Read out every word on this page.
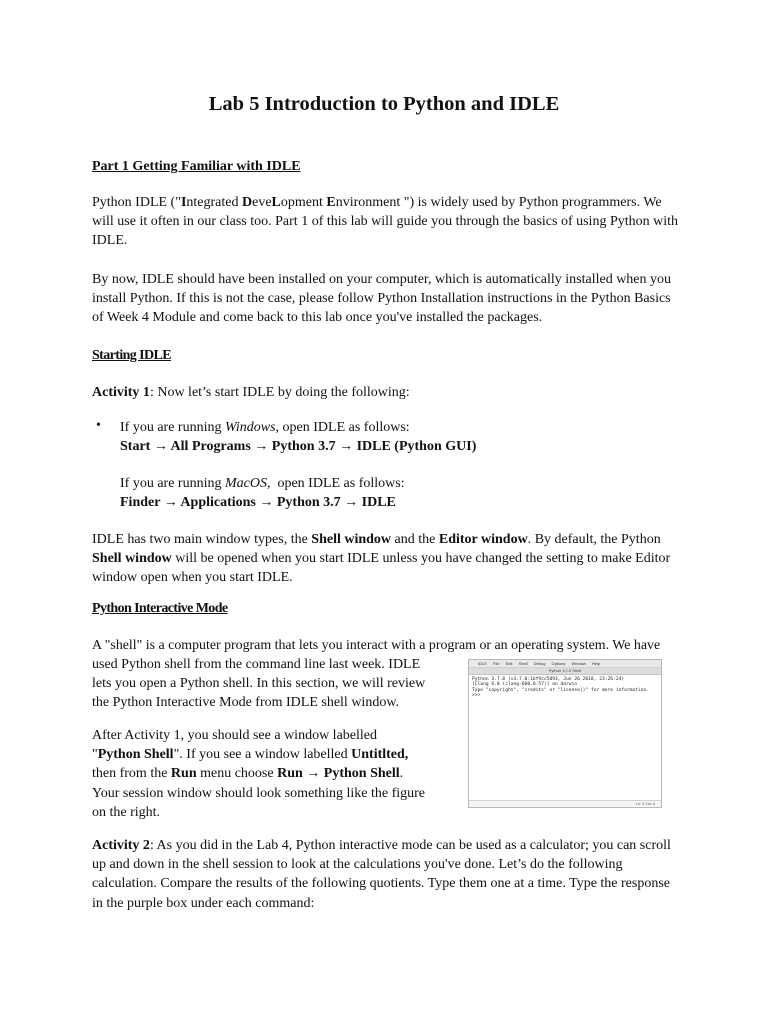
Lab 5 Introduction to Python and IDLE
Part 1 Getting Familiar with IDLE
Python IDLE ("Integrated DeveLopment Environment ") is widely used by Python programmers. We will use it often in our class too. Part 1 of this lab will guide you through the basics of using Python with IDLE.
By now, IDLE should have been installed on your computer, which is automatically installed when you install Python. If this is not the case, please follow Python Installation instructions in the Python Basics of Week 4 Module and come back to this lab once you've installed the packages.
Starting IDLE
Activity 1: Now let’s start IDLE by doing the following:
• If you are running Windows, open IDLE as follows:
Start → All Programs → Python 3.7 → IDLE (Python GUI)
If you are running MacOS,  open IDLE as follows:
Finder → Applications → Python 3.7 → IDLE
IDLE has two main window types, the Shell window and the Editor window. By default, the Python Shell window will be opened when you start IDLE unless you have changed the setting to make Editor window open when you start IDLE.
Python Interactive Mode
A "shell" is a computer program that lets you interact with a program or an operating system. We have
used Python shell from the command line last week. IDLE lets you open a Python shell. In this section, we will review the Python Interactive Mode from IDLE shell window.
After Activity 1, you should see a window labelled "Python Shell". If you see a window labelled Untitlted, then from the Run menu choose Run → Python Shell. Your session window should look something like the figure on the right.
IDLE File Edit Shell Debug Options Window Help
Python 3.7.0 Shell
Python 3.7.0 (v3.7.0:1bf9cc5093, Jun 26 2018, 23:26:24)
[Clang 6.0 (clang-600.0.57)] on darwin
Type "copyright", "credits" or "license()" for more information.
>>>
Ln: 4 Col: 4
Activity 2: As you did in the Lab 4, Python interactive mode can be used as a calculator; you can scroll up and down in the shell session to look at the calculations you've done. Let’s do the following calculation. Compare the results of the following quotients. Type them one at a time. Type the response in the purple box under each command:
